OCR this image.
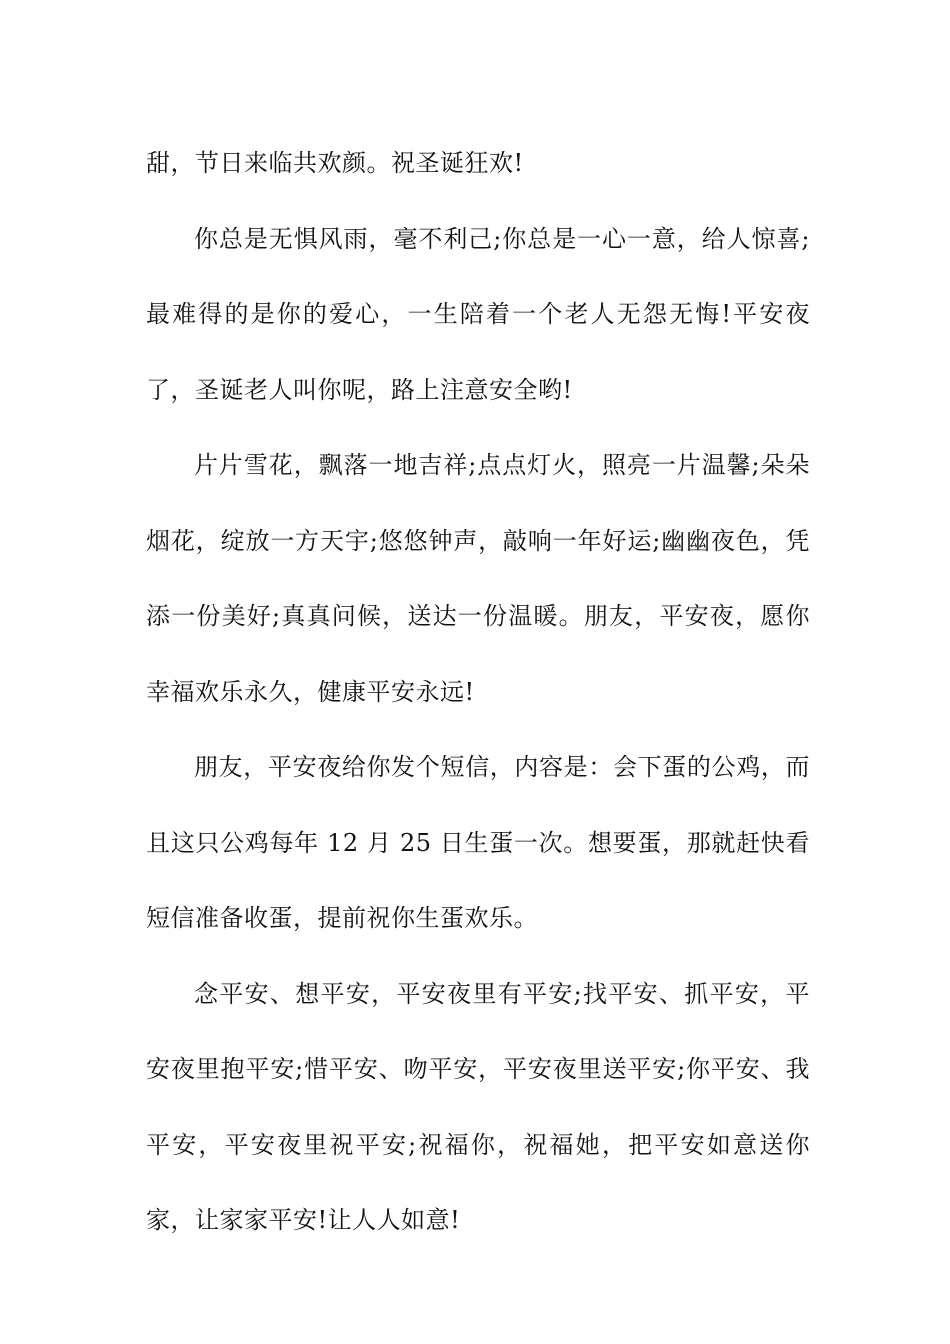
甜，节日来临共欢颜。祝圣诞狂欢!

你总是无惧风雨，毫不利己;你总是一心一意，给人惊喜;最难得的是你的爱心，一生陪着一个老人无怨无悔!平安夜了，圣诞老人叫你呢，路上注意安全哟!

片片雪花，飘落一地吉祥;点点灯火，照亮一片温馨;朵朵烟花，绽放一方天宇;悠悠钟声，敲响一年好运;幽幽夜色，凭添一份美好;真真问候，送达一份温暖。朋友，平安夜，愿你幸福欢乐永久，健康平安永远!

朋友，平安夜给你发个短信，内容是：会下蛋的公鸡，而且这只公鸡每年 12 月 25 日生蛋一次。想要蛋，那就赶快看短信准备收蛋，提前祝你生蛋欢乐。

念平安、想平安，平安夜里有平安;找平安、抓平安，平安夜里抱平安;惜平安、吻平安，平安夜里送平安;你平安、我平安，平安夜里祝平安;祝福你，祝福她，把平安如意送你家，让家家平安!让人人如意!
